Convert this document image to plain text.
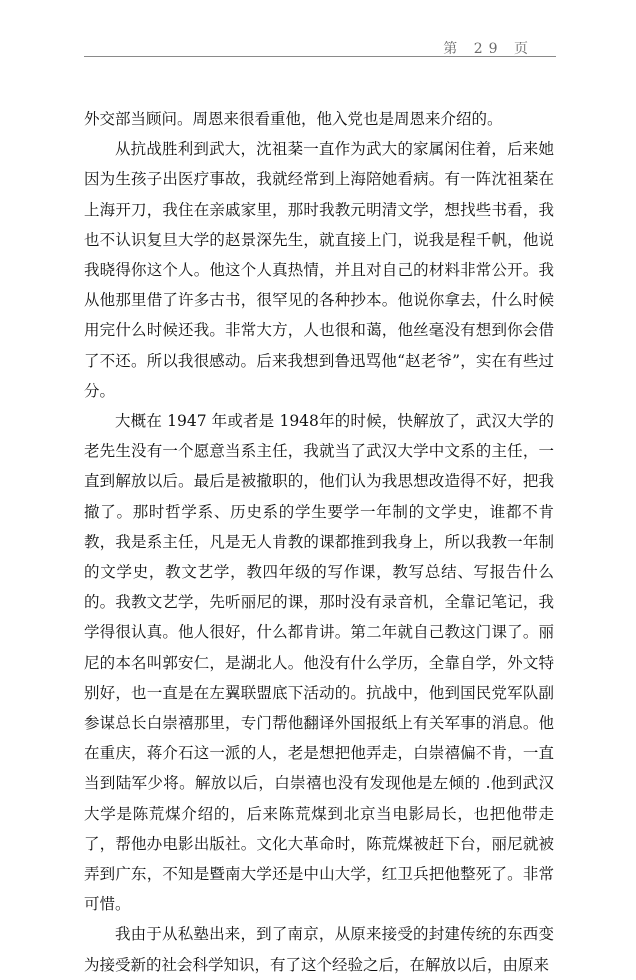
第 29 页

外交部当顾问。周恩来很看重他，他入党也是周恩来介绍的。

从抗战胜利到武大，沈祖棻一直作为武大的家属闲住着，后来她因为生孩子出医疗事故，我就经常到上海陪她看病。有一阵沈祖棻在上海开刀，我住在亲戚家里，那时我教元明清文学，想找些书看，我也不认识复旦大学的赵景深先生，就直接上门，说我是程千帆，他说我晓得你这个人。他这个人真热情，并且对自己的材料非常公开。我从他那里借了许多古书，很罕见的各种抄本。他说你拿去，什么时候用完什么时候还我。非常大方，人也很和蔼，他丝毫没有想到你会借了不还。所以我很感动。后来我想到鲁迅骂他“赵老爷”，实在有些过分。

大概在 1947 年或者是 1948年的时候，快解放了，武汉大学的老先生没有一个愿意当系主任，我就当了武汉大学中文系的主任，一直到解放以后。最后是被撤职的，他们认为我思想改造得不好，把我撤了。那时哲学系、历史系的学生要学一年制的文学史，谁都不肯教，我是系主任，凡是无人肯教的课都推到我身上，所以我教一年制的文学史，教文艺学，教四年级的写作课，教写总结、写报告什么的。我教文艺学，先听丽尼的课，那时没有录音机，全靠记笔记，我学得很认真。他人很好，什么都肯讲。第二年就自己教这门课了。丽尼的本名叫郭安仁，是湖北人。他没有什么学历，全靠自学，外文特别好，也一直是在左翼联盟底下活动的。抗战中，他到国民党军队副参谋总长白崇禧那里，专门帮他翻译外国报纸上有关军事的消息。他在重庆，蒋介石这一派的人，老是想把他弄走，白崇禧偏不肯，一直当到陆军少将。解放以后，白崇禧也没有发现他是左倾的 .他到武汉大学是陈荒煤介绍的，后来陈荒煤到北京当电影局长，也把他带走了，帮他办电影出版社。文化大革命时，陈荒煤被赶下台，丽尼就被弄到广东，不知是暨南大学还是中山大学，红卫兵把他整死了。非常可惜。

我由于从私塾出来，到了南京，从原来接受的封建传统的东西变为接受新的社会科学知识，有了这个经验之后，在解放以后，由原来
